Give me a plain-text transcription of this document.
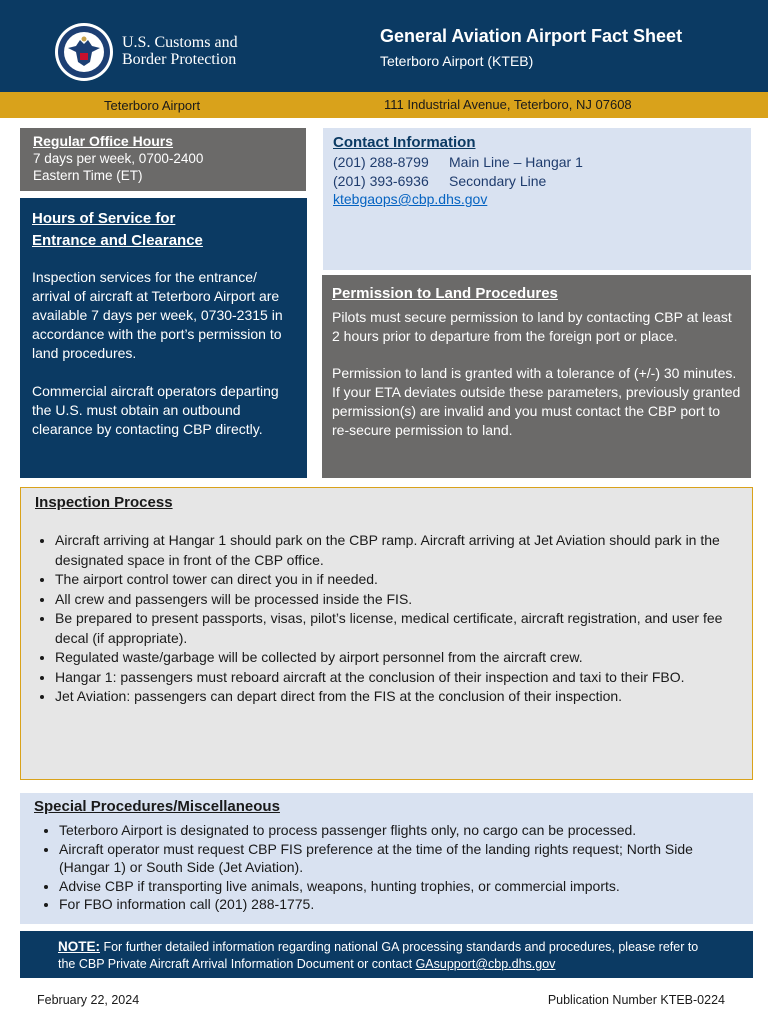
U.S. Customs and
Border Protection
General Aviation Airport Fact Sheet
Teterboro Airport (KTEB)
Teterboro Airport	111 Industrial Avenue, Teterboro, NJ 07608
Regular Office Hours

7 days per week, 0700-2400

Eastern Time (ET)

Hours of Service for
Entrance and Clearance

Inspection services for the entrance/ arrival of aircraft at Teterboro Airport are available 7 days per week, 0730-2315 in accordance with the port’s permission to land procedures.

Commercial aircraft operators departing the U.S. must obtain an outbound clearance by contacting CBP directly.

Contact Information
(201) 288-8799 Main Line – Hangar 1
(201) 393-6936 Secondary Line
ktebgaops@cbp.dhs.gov
Permission to Land Procedures

Pilots must secure permission to land by contacting CBP at least 2 hours prior to departure from the foreign port or place.

Permission to land is granted with a tolerance of (+/-) 30 minutes. If your ETA deviates outside these parameters, previously granted permission(s) are invalid and you must contact the CBP port to re-secure permission to land.

Inspection Process
• Aircraft arriving at Hangar 1 should park on the CBP ramp. Aircraft arriving at Jet Aviation should park in the designated space in front of the CBP office.
• The airport control tower can direct you in if needed.
• All crew and passengers will be processed inside the FIS.
• Be prepared to present passports, visas, pilot’s license, medical certificate, aircraft registration, and user fee decal (if appropriate).
• Regulated waste/garbage will be collected by airport personnel from the aircraft crew.
• Hangar 1: passengers must reboard aircraft at the conclusion of their inspection and taxi to their FBO.
• Jet Aviation: passengers can depart direct from the FIS at the conclusion of their inspection.
Special Procedures/Miscellaneous
• Teterboro Airport is designated to process passenger flights only, no cargo can be processed.
• Aircraft operator must request CBP FIS preference at the time of the landing rights request; North Side (Hangar 1) or South Side (Jet Aviation).
• Advise CBP if transporting live animals, weapons, hunting trophies, or commercial imports.
• For FBO information call (201) 288-1775.

NOTE: For further detailed information regarding national GA processing standards and procedures, please refer to the CBP Private Aircraft Arrival Information Document or contact GAsupport@cbp.dhs.gov

February 22, 2024	Publication Number KTEB-0224
